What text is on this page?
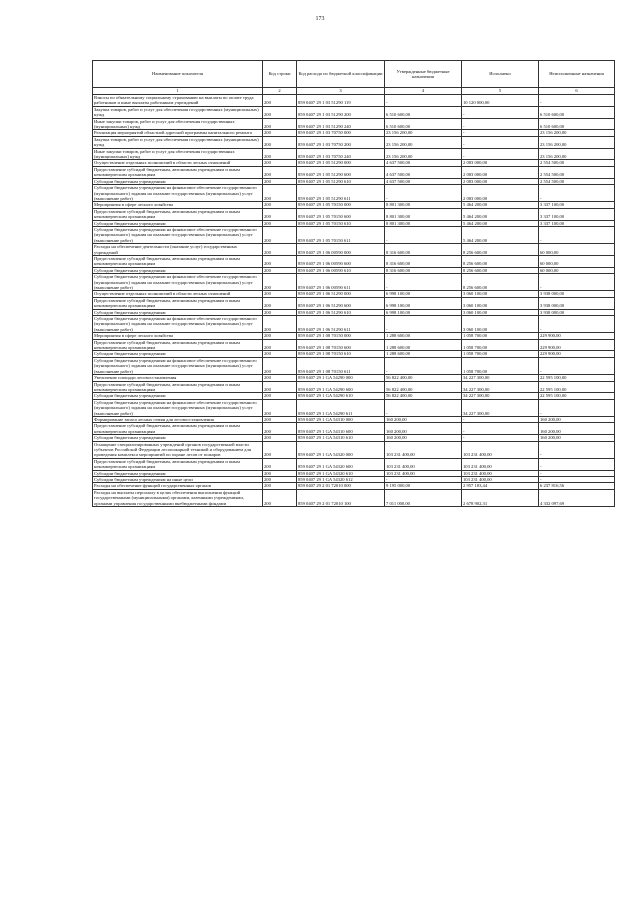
173
Наименование показателя	Код строки	Код расхода по бюджетной классификации	Утвержденные бюджетные назначения	Исполнено	Неисполненные назначения
1	2	3	4	5	6
Взносы по обязательному социальному страхованию на выплаты по оплате труда работников и иные выплаты работникам учреждений	200	859 0407 29 1 03 51290 119	-	10 120 000,00	-
Закупка товаров, работ и услуг для обеспечения государственных (муниципальных) нужд	200	859 0407 29 1 03 51290 200	6 510 600,00	-	6 510 600,00
Иные закупки товаров, работ и услуг для обеспечения государственных (муниципальных) нужд	200	859 0407 29 1 03 51290 240	6 510 600,00	-	6 510 600,00
Реализация мероприятий областной адресной программы капитального ремонта	200	859 0407 29 1 03 70750 000	23 156 200,00	-	23 156 200,00
Закупка товаров, работ и услуг для обеспечения государственных (муниципальных) нужд	200	859 0407 29 1 03 70750 200	23 156 200,00	-	23 156 200,00
Иные закупки товаров, работ и услуг для обеспечения государственных (муниципальных) нужд	200	859 0407 29 1 03 70750 240	23 156 200,00	-	23 156 200,00
Осуществление отдельных полномочий в области лесных отношений	200	859 0407 29 1 05 51290 000	4 637 500,00	2 083 000,00	2 554 500,00
Предоставление субсидий бюджетным, автономным учреждениям и иным некоммерческим организациям	200	859 0407 29 1 05 51290 600	4 637 500,00	2 083 000,00	2 554 500,00
Субсидии бюджетным учреждениям	200	859 0407 29 1 05 51290 610	4 637 500,00	2 083 000,00	2 554 500,00
Субсидии бюджетным учреждениям на финансовое обеспечение государственного (муниципального) задания на оказание государственных (муниципальных) услуг (выполнение работ)	200	859 0407 29 1 05 51290 611	-	2 083 000,00	-
Мероприятия в сфере лесного хозяйства	200	859 0407 29 1 05 70150 000	8 801 300,00	5 464 200,00	3 337 100,00
Предоставление субсидий бюджетным, автономным учреждениям и иным некоммерческим организациям	200	859 0407 29 1 05 70150 600	8 801 300,00	5 464 200,00	3 337 100,00
Субсидии бюджетным учреждениям	200	859 0407 29 1 05 70150 610	8 801 300,00	5 464 200,00	3 337 100,00
Субсидии бюджетным учреждениям на финансовое обеспечение государственного (муниципального) задания на оказание государственных (муниципальных) услуг (выполнение работ)	200	859 0407 29 1 05 70150 611	-	5 464 200,00	-
Расходы на обеспечение деятельности (оказание услуг) государственных учреждений	200	859 0407 29 1 06 00590 000	8 316 600,00	8 256 600,00	60 000,00
Предоставление субсидий бюджетным, автономным учреждениям и иным некоммерческим организациям	200	859 0407 29 1 06 00590 600	8 316 600,00	8 256 600,00	60 000,00
Субсидии бюджетным учреждениям	200	859 0407 29 1 06 00590 610	8 316 600,00	8 256 600,00	60 000,00
Субсидии бюджетным учреждениям на финансовое обеспечение государственного (муниципального) задания на оказание государственных (муниципальных) услуг (выполнение работ)	200	859 0407 29 1 06 00590 611	-	8 256 600,00	-
Осуществление отдельных полномочий в области лесных отношений	200	859 0407 29 1 06 51290 000	6 998 100,00	3 060 100,00	3 938 000,00
Предоставление субсидий бюджетным, автономным учреждениям и иным некоммерческим организациям	200	859 0407 29 1 06 51290 600	6 998 100,00	3 060 100,00	3 938 000,00
Субсидии бюджетным учреждениям	200	859 0407 29 1 06 51290 610	6 998 100,00	3 060 100,00	3 938 000,00
Субсидии бюджетным учреждениям на финансовое обеспечение государственного (муниципального) задания на оказание государственных (муниципальных) услуг (выполнение работ)	200	859 0407 29 1 06 51290 611	-	3 060 100,00	-
Мероприятия в сфере лесного хозяйства	200	859 0407 29 1 08 70150 000	1 288 600,00	1 058 700,00	229 900,00
Предоставление субсидий бюджетным, автономным учреждениям и иным некоммерческим организациям	200	859 0407 29 1 08 70150 600	1 288 600,00	1 058 700,00	229 900,00
Субсидии бюджетным учреждениям	200	859 0407 29 1 08 70150 610	1 288 600,00	1 058 700,00	229 900,00
Субсидии бюджетным учреждениям на финансовое обеспечение государственного (муниципального) задания на оказание государственных (муниципальных) услуг (выполнение работ)	200	859 0407 29 1 08 70150 611	-	1 058 700,00	-
Увеличение площади лесовосстановления	200	859 0407 29 1 GA 54290 000	56 822 400,00	34 227 300,00	22 595 100,00
Предоставление субсидий бюджетным, автономным учреждениям и иным некоммерческим организациям	200	859 0407 29 1 GA 54290 600	56 822 400,00	34 227 300,00	22 595 100,00
Субсидии бюджетным учреждениям	200	859 0407 29 1 GA 54290 610	56 822 400,00	34 227 300,00	22 595 100,00
Субсидии бюджетным учреждениям на финансовое обеспечение государственного (муниципального) задания на оказание государственных (муниципальных) услуг (выполнение работ)	200	859 0407 29 1 GA 54290 611	-	34 227 300,00	-
Формирование запаса лесных семян для лесовосстановления	200	859 0407 29 1 GA 54310 000	160 200,00	-	160 200,00
Предоставление субсидий бюджетным, автономным учреждениям и иным некоммерческим организациям	200	859 0407 29 1 GA 54310 600	160 200,00	-	160 200,00
Субсидии бюджетным учреждениям	200	859 0407 29 1 GA 54310 610	160 200,00	-	160 200,00
Оснащение специализированных учреждений органов государственной власти субъектов Российской Федерации лесопожарной техникой и оборудованием для проведения комплекса мероприятий по охране лесов от пожаров	200	859 0407 29 1 GA 54320 000	103 231 400,00	103 231 400,00	-
Предоставление субсидий бюджетным, автономным учреждениям и иным некоммерческим организациям	200	859 0407 29 1 GA 54320 600	103 231 400,00	103 231 400,00	-
Субсидии бюджетным учреждениям	200	859 0407 29 1 GA 54320 610	103 231 400,00	103 231 400,00	-
Субсидии бюджетным учреждениям на иные цели	200	859 0407 29 1 GA 54320 612	-	103 231 400,00	-
Расходы на обеспечение функций государственных органов	200	859 0407 29 2 01 72010 000	9 195 000,00	2 957 183,44	6 237 816,56
Расходы на выплаты персоналу в целях обеспечения выполнения функций государственными (муниципальными) органами, казенными учреждениями, органами управления государственными внебюджетными фондами	200	859 0407 29 2 01 72010 100	7 011 000,00	2 678 902,31	4 332 097,69
